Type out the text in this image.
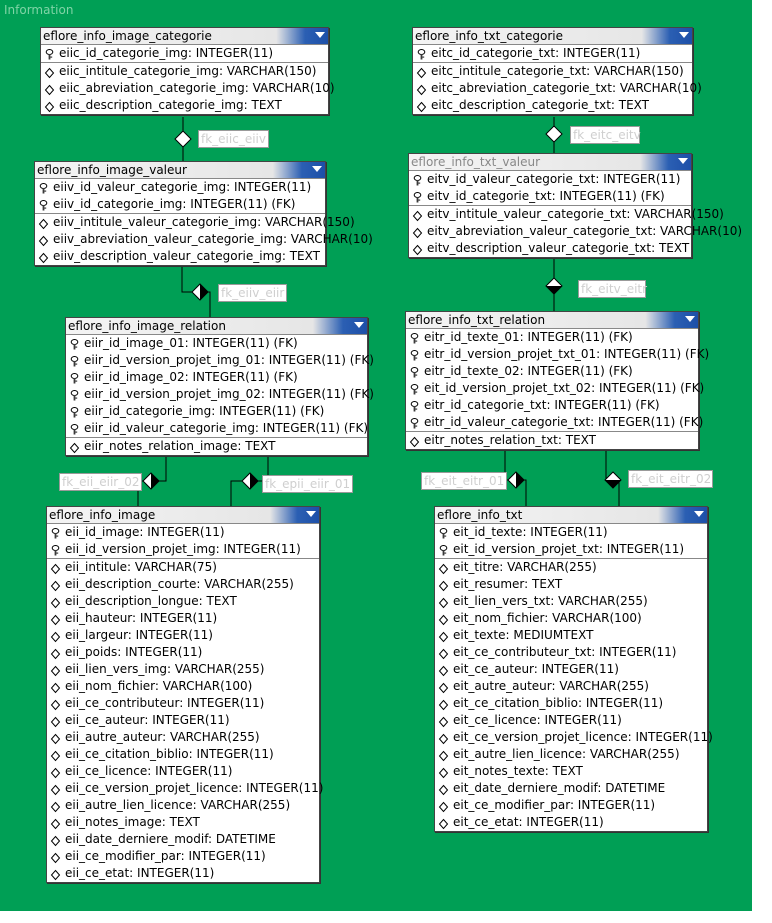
Information
eflore_info_image_categorie
eiic_id_categorie_img: INTEGER(11)
eiic_intitule_categorie_img: VARCHAR(150)
eiic_abreviation_categorie_img: VARCHAR(10)
eiic_description_categorie_img: TEXT
eflore_info_image_valeur
eiiv_id_valeur_categorie_img: INTEGER(11)
eiiv_id_categorie_img: INTEGER(11) (FK)
eiiv_intitule_valeur_categorie_img: VARCHAR(150)
eiiv_abreviation_valeur_categorie_img: VARCHAR(10)
eiiv_description_valeur_categorie_img: TEXT
eflore_info_image_relation
eiir_id_image_01: INTEGER(11) (FK)
eiir_id_version_projet_img_01: INTEGER(11) (FK)
eiir_id_image_02: INTEGER(11) (FK)
eiir_id_version_projet_img_02: INTEGER(11) (FK)
eiir_id_categorie_img: INTEGER(11) (FK)
eiir_id_valeur_categorie_img: INTEGER(11) (FK)
eiir_notes_relation_image: TEXT
eflore_info_image
eii_id_image: INTEGER(11)
eii_id_version_projet_img: INTEGER(11)
eii_intitule: VARCHAR(75)
eii_description_courte: VARCHAR(255)
eii_description_longue: TEXT
eii_hauteur: INTEGER(11)
eii_largeur: INTEGER(11)
eii_poids: INTEGER(11)
eii_lien_vers_img: VARCHAR(255)
eii_nom_fichier: VARCHAR(100)
eii_ce_contributeur: INTEGER(11)
eii_ce_auteur: INTEGER(11)
eii_autre_auteur: VARCHAR(255)
eii_ce_citation_biblio: INTEGER(11)
eii_ce_licence: INTEGER(11)
eii_ce_version_projet_licence: INTEGER(11)
eii_autre_lien_licence: VARCHAR(255)
eii_notes_image: TEXT
eii_date_derniere_modif: DATETIME
eii_ce_modifier_par: INTEGER(11)
eii_ce_etat: INTEGER(11)
eflore_info_txt_categorie
eitc_id_categorie_txt: INTEGER(11)
eitc_intitule_categorie_txt: VARCHAR(150)
eitc_abreviation_categorie_txt: VARCHAR(10)
eitc_description_categorie_txt: TEXT
eflore_info_txt_valeur
eitv_id_valeur_categorie_txt: INTEGER(11)
eitv_id_categorie_txt: INTEGER(11) (FK)
eitv_intitule_valeur_categorie_txt: VARCHAR(150)
eitv_abreviation_valeur_categorie_txt: VARCHAR(10)
eitv_description_valeur_categorie_txt: TEXT
eflore_info_txt_relation
eitr_id_texte_01: INTEGER(11) (FK)
eitr_id_version_projet_txt_01: INTEGER(11) (FK)
eitr_id_texte_02: INTEGER(11) (FK)
eit_id_version_projet_txt_02: INTEGER(11) (FK)
eitr_id_categorie_txt: INTEGER(11) (FK)
eitr_id_valeur_categorie_txt: INTEGER(11) (FK)
eitr_notes_relation_txt: TEXT
eflore_info_txt
eit_id_texte: INTEGER(11)
eit_id_version_projet_txt: INTEGER(11)
eit_titre: VARCHAR(255)
eit_resumer: TEXT
eit_lien_vers_txt: VARCHAR(255)
eit_nom_fichier: VARCHAR(100)
eit_texte: MEDIUMTEXT
eit_ce_contributeur_txt: INTEGER(11)
eit_ce_auteur: INTEGER(11)
eit_autre_auteur: VARCHAR(255)
eit_ce_citation_biblio: INTEGER(11)
eit_ce_licence: INTEGER(11)
eit_ce_version_projet_licence: INTEGER(11)
eit_autre_lien_licence: VARCHAR(255)
eit_notes_texte: TEXT
eit_date_derniere_modif: DATETIME
eit_ce_modifier_par: INTEGER(11)
eit_ce_etat: INTEGER(11)
fk_eiic_eiiv
fk_eiiv_eiir
fk_eii_eiir_02	fk_epii_eiir_01
fk_eitc_eitv
fk_eitv_eitr
fk_eit_eitr_01	fk_eit_eitr_02
